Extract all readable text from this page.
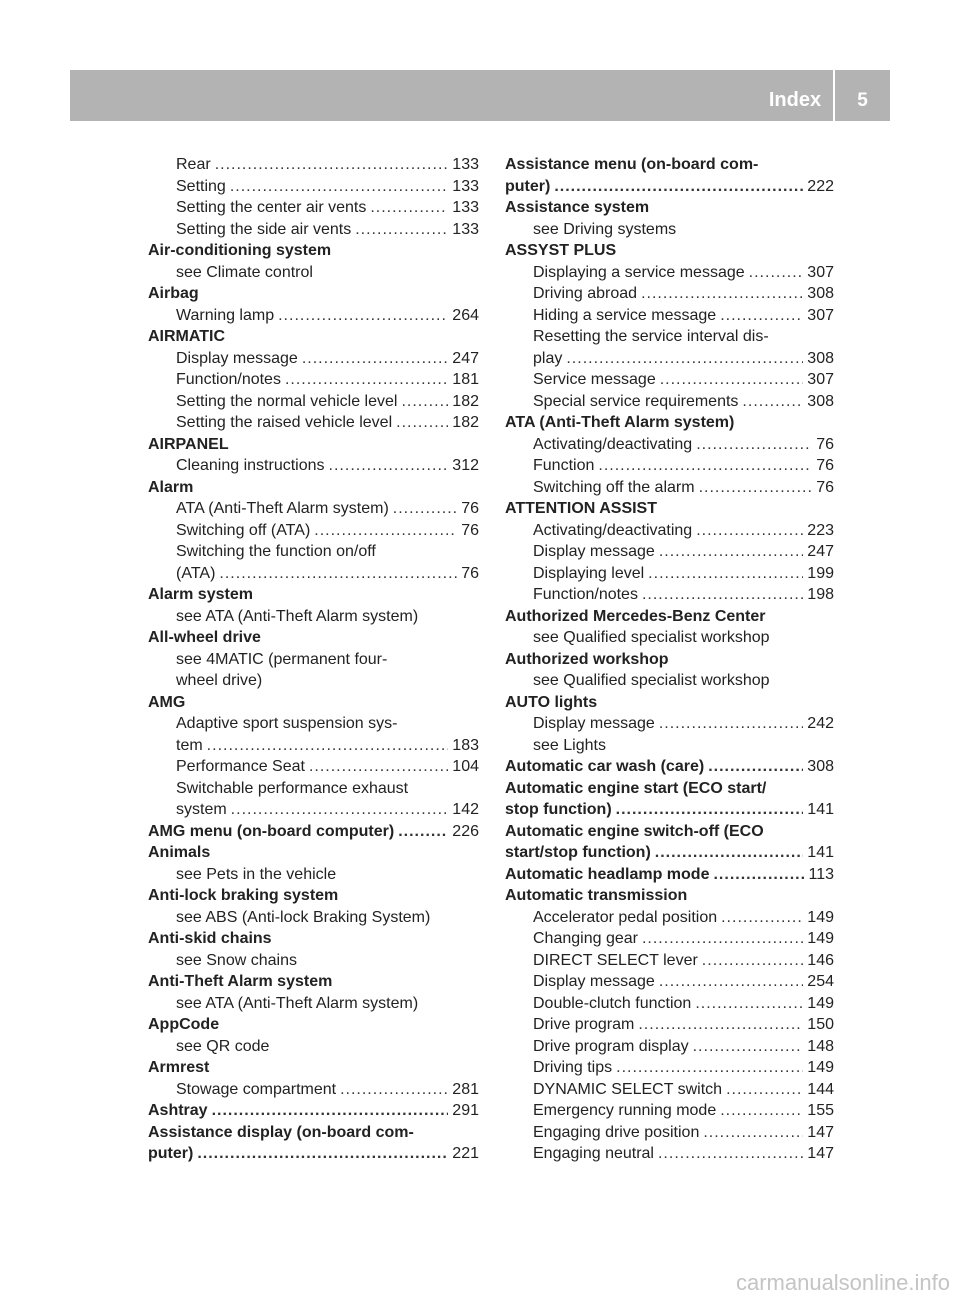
Index	5
Rear .....	133
Setting .....	133
Setting the center air vents .....	133
Setting the side air vents .....	133
Air-conditioning system
see Climate control
Airbag
Warning lamp .....	264
AIRMATIC
Display message .....	247
Function/notes .....	181
Setting the normal vehicle level .....	182
Setting the raised vehicle level .....	182
AIRPANEL
Cleaning instructions .....	312
Alarm
ATA (Anti-Theft Alarm system) .....	76
Switching off (ATA) .....	76
Switching the function on/off
(ATA) .....	76
Alarm system
see ATA (Anti-Theft Alarm system)
All-wheel drive
see 4MATIC (permanent four-
wheel drive)
AMG
Adaptive sport suspension sys-
tem .....	183
Performance Seat .....	104
Switchable performance exhaust
system .....	142
AMG menu (on-board computer) .....	226
Animals
see Pets in the vehicle
Anti-lock braking system
see ABS (Anti-lock Braking System)
Anti-skid chains
see Snow chains
Anti-Theft Alarm system
see ATA (Anti-Theft Alarm system)
AppCode
see QR code
Armrest
Stowage compartment .....	281
Ashtray .....	291
Assistance display (on-board com-
puter) .....	221
Assistance menu (on-board com-
puter) .....	222
Assistance system
see Driving systems
ASSYST PLUS
Displaying a service message .....	307
Driving abroad .....	308
Hiding a service message .....	307
Resetting the service interval dis-
play .....	308
Service message .....	307
Special service requirements .....	308
ATA (Anti-Theft Alarm system)
Activating/deactivating .....	76
Function .....	76
Switching off the alarm .....	76
ATTENTION ASSIST
Activating/deactivating .....	223
Display message .....	247
Displaying level .....	199
Function/notes .....	198
Authorized Mercedes-Benz Center
see Qualified specialist workshop
Authorized workshop
see Qualified specialist workshop
AUTO lights
Display message .....	242
see Lights
Automatic car wash (care) .....	308
Automatic engine start (ECO start/
stop function) .....	141
Automatic engine switch-off (ECO
start/stop function) .....	141
Automatic headlamp mode .....	113
Automatic transmission
Accelerator pedal position .....	149
Changing gear .....	149
DIRECT SELECT lever .....	146
Display message .....	254
Double-clutch function .....	149
Drive program .....	150
Drive program display .....	148
Driving tips .....	149
DYNAMIC SELECT switch .....	144
Emergency running mode .....	155
Engaging drive position .....	147
Engaging neutral .....	147
carmanualsonline.info
